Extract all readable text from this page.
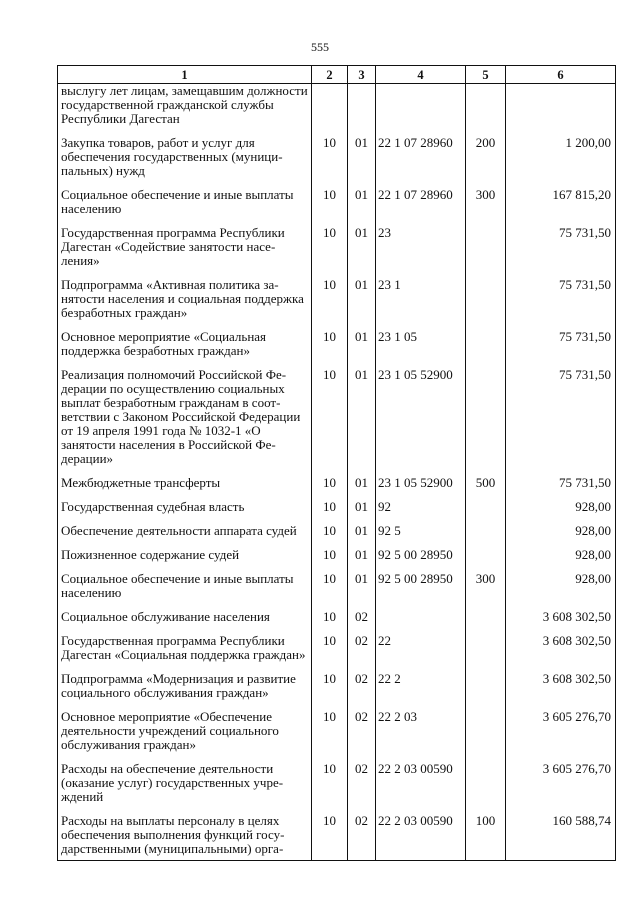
555
1	2	3	4	5	6
выслугу лет лицам, замещавшим должности государственной гражданской службы Республики Дагестан					
Закупка товаров, работ и услуг для обеспечения государственных (муниципальных) нужд	10	01	22 1 07 28960	200	1 200,00
Социальное обеспечение и иные выплаты населению	10	01	22 1 07 28960	300	167 815,20
Государственная программа Республики Дагестан «Содействие занятости населения»	10	01	23		75 731,50
Подпрограмма «Активная политика занятости населения и социальная поддержка безработных граждан»	10	01	23 1		75 731,50
Основное мероприятие «Социальная поддержка безработных граждан»	10	01	23 1 05		75 731,50
Реализация полномочий Российской Федерации по осуществлению социальных выплат безработным гражданам в соответствии с Законом Российской Федерации от 19 апреля 1991 года № 1032-1 «О занятости населения в Российской Федерации»	10	01	23 1 05 52900		75 731,50
Межбюджетные трансферты	10	01	23 1 05 52900	500	75 731,50
Государственная судебная власть	10	01	92		928,00
Обеспечение деятельности аппарата судей	10	01	92 5		928,00
Пожизненное содержание судей	10	01	92 5 00 28950		928,00
Социальное обеспечение и иные выплаты населению	10	01	92 5 00 28950	300	928,00
Социальное обслуживание населения	10	02			3 608 302,50
Государственная программа Республики Дагестан «Социальная поддержка граждан»	10	02	22		3 608 302,50
Подпрограмма «Модернизация и развитие социального обслуживания граждан»	10	02	22 2		3 608 302,50
Основное мероприятие «Обеспечение деятельности учреждений социального обслуживания граждан»	10	02	22 2 03		3 605 276,70
Расходы на обеспечение деятельности (оказание услуг) государственных учреждений	10	02	22 2 03 00590		3 605 276,70
Расходы на выплаты персоналу в целях обеспечения выполнения функций государственными (муниципальными) орга-	10	02	22 2 03 00590	100	160 588,74
